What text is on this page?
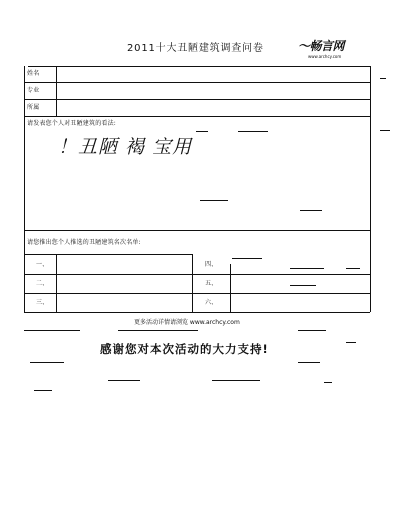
2011十大丑陋建筑调查问卷	〜畅言网
www.archcy.com
姓名
专业
所属
请发表您个人对丑陋建筑的看法:
！丑陋 褐 宝用
请您推出您个人推选的丑陋建筑名次名单:
一、
二、
三、
四、
五、
六、
更多活动详情请浏览 www.archcy.com
感谢您对本次活动的大力支持!
